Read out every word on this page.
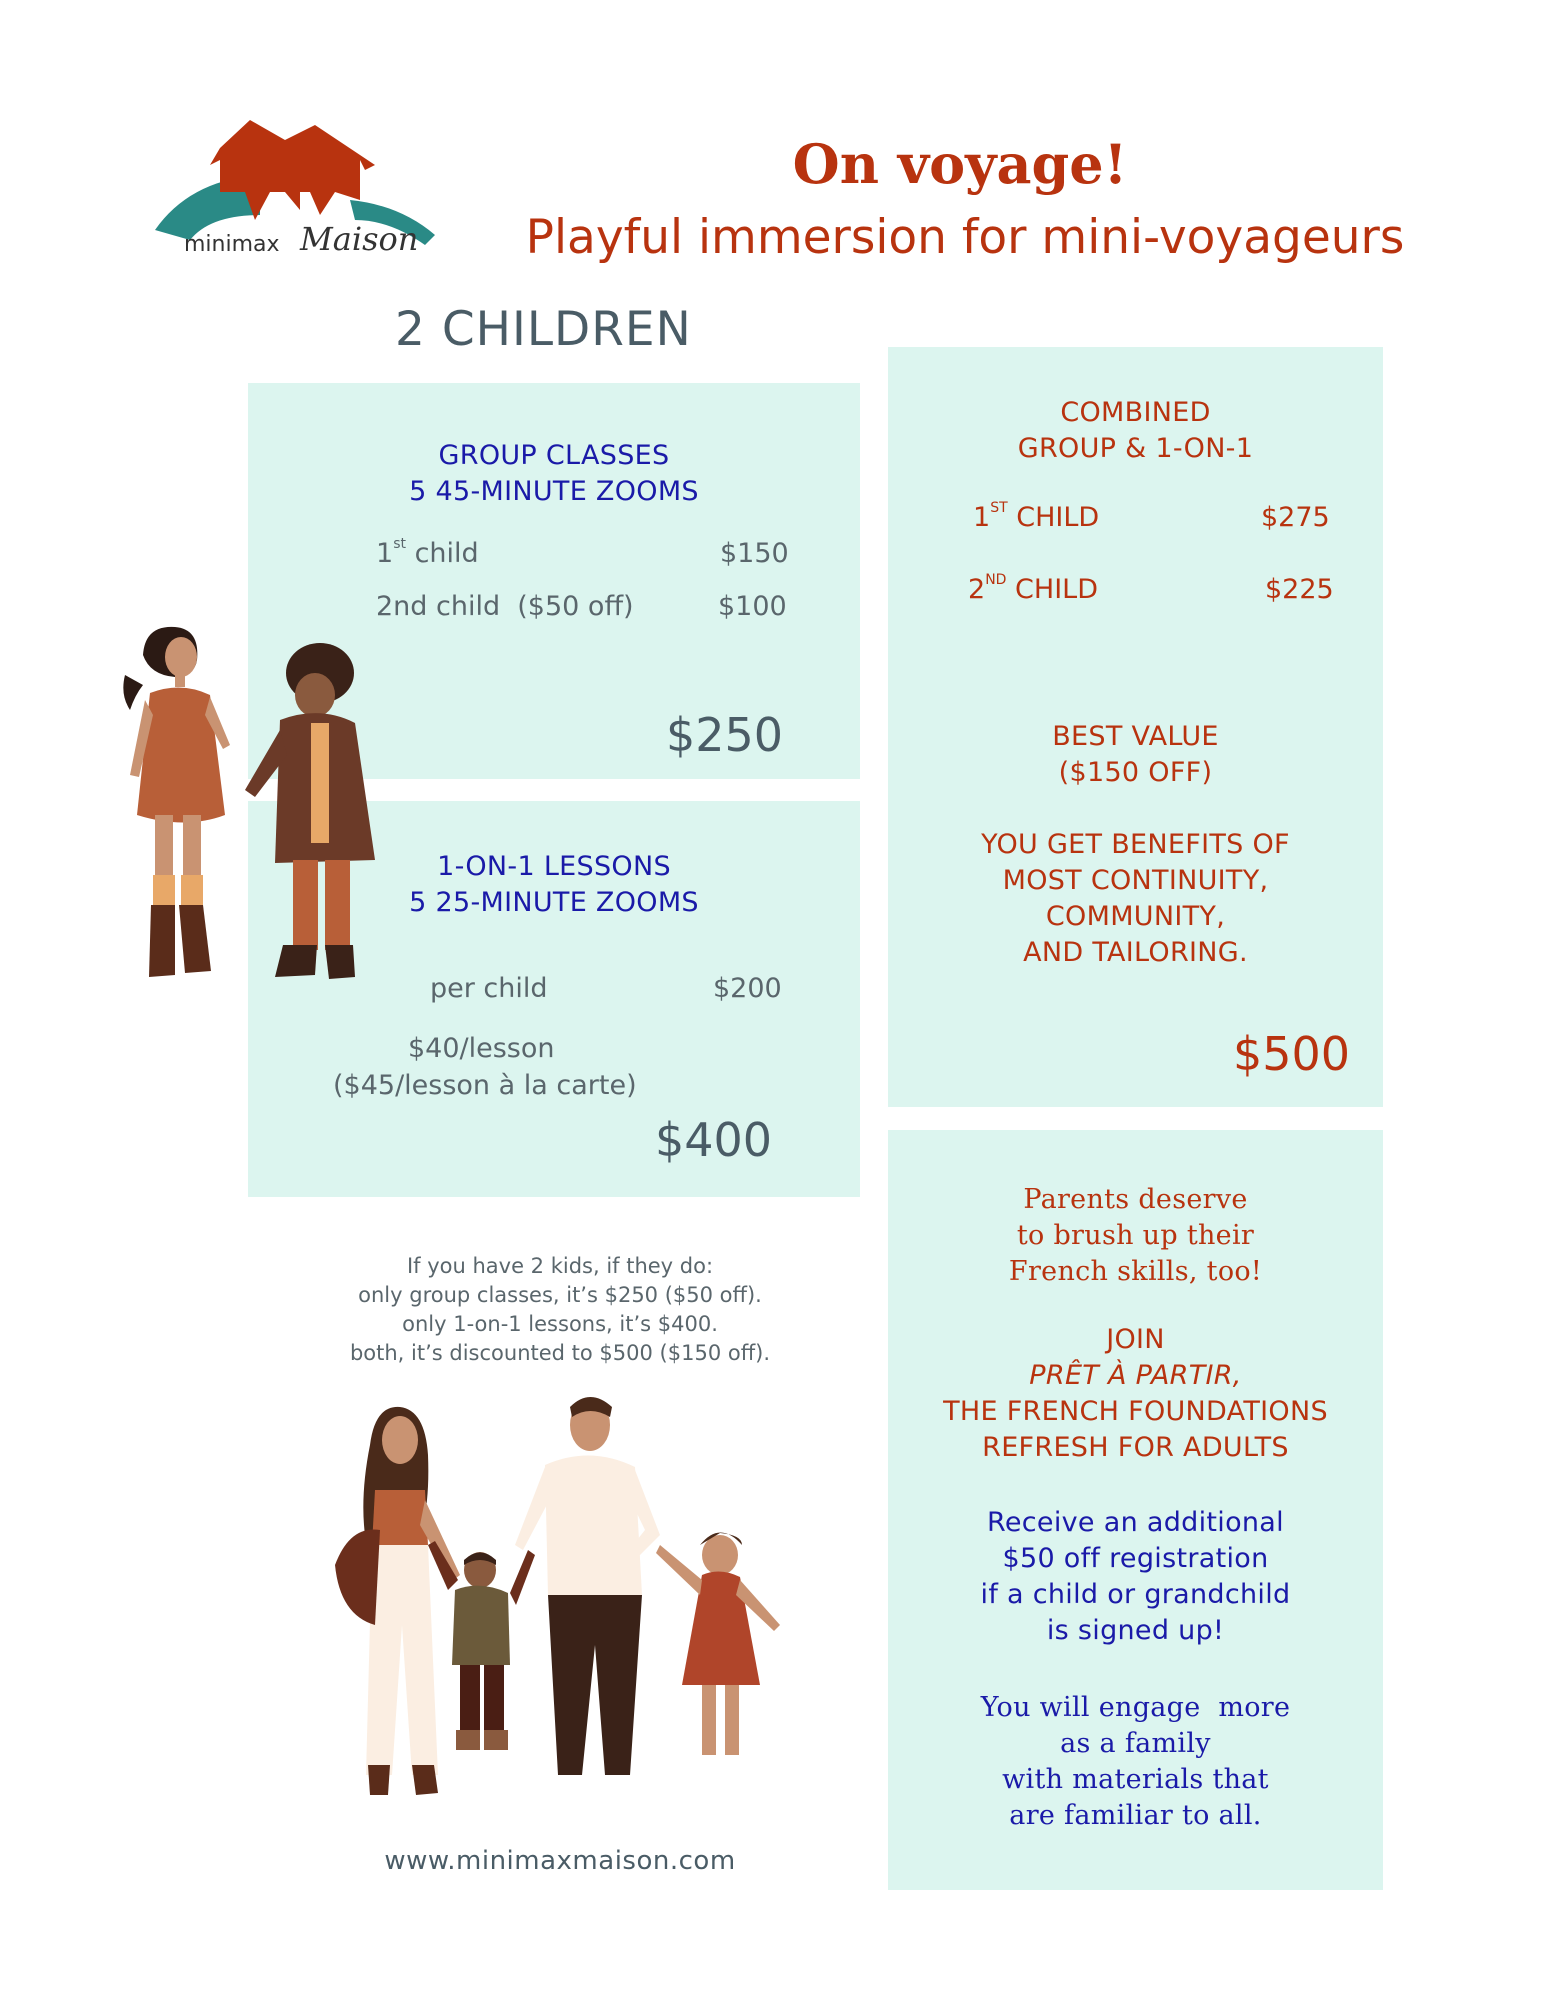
minimax Maison
On voyage!
Playful immersion for mini-voyageurs
2 CHILDREN
GROUP CLASSES
5 45-MINUTE ZOOMS
1st child	$150
2nd child  ($50 off)	$100
$250
1-ON-1 LESSONS
5 25-MINUTE ZOOMS
per child	$200
$40/lesson
($45/lesson à la carte)
$400
COMBINED
GROUP & 1-ON-1
1ST CHILD	$275
2ND CHILD	$225
BEST VALUE
($150 OFF)
YOU GET BENEFITS OF
MOST CONTINUITY,
COMMUNITY,
AND TAILORING.
$500
Parents deserve
to brush up their
French skills, too!
JOIN
PRÊT À PARTIR,
THE FRENCH FOUNDATIONS
REFRESH FOR ADULTS
Receive an additional
$50 off registration
if a child or grandchild
is signed up!
You will engage  more
as a family
with materials that
are familiar to all.
If you have 2 kids, if they do:
only group classes, it’s $250 ($50 off).
only 1-on-1 lessons, it’s $400.
both, it’s discounted to $500 ($150 off).
www.minimaxmaison.com
